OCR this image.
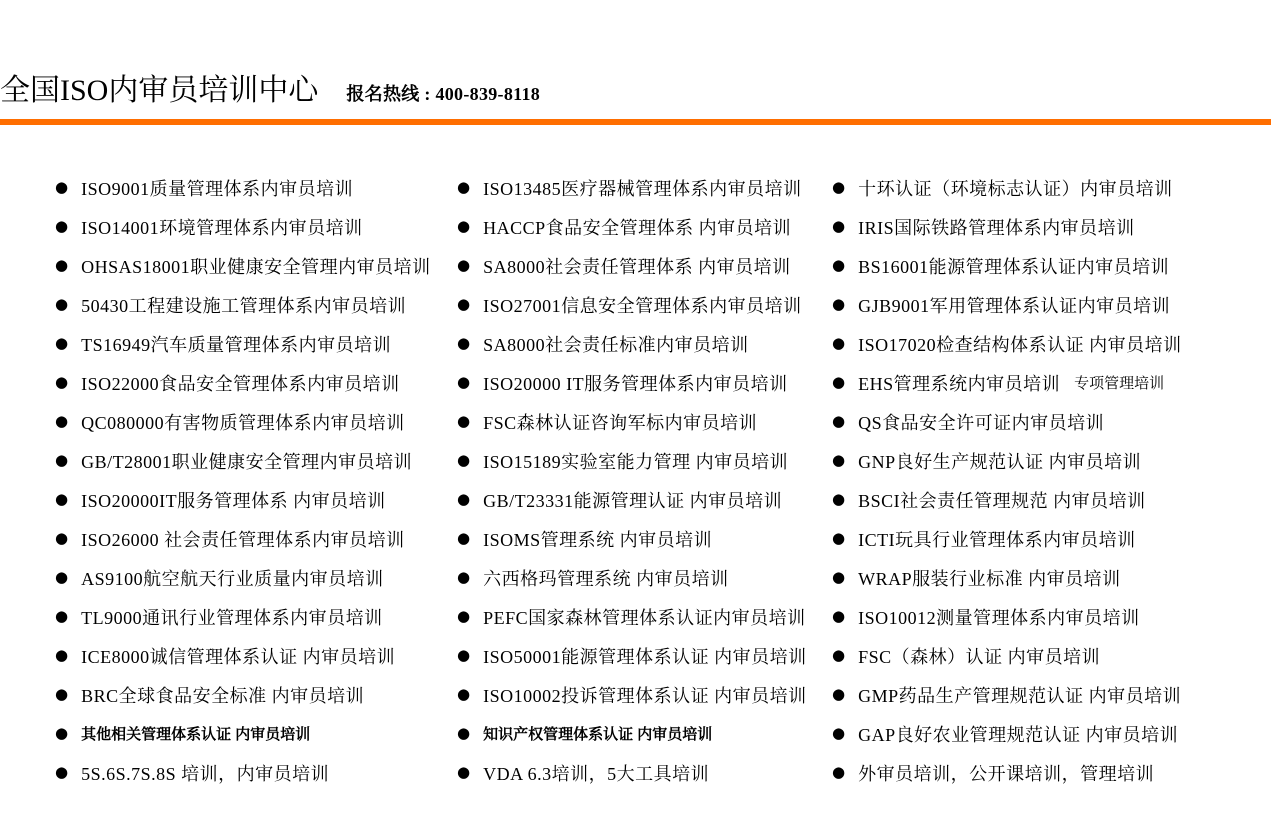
全国ISO内审员培训中心 报名热线 : 400-839-8118
● ISO9001质量管理体系内审员培训
● ISO14001环境管理体系内审员培训
● OHSAS18001职业健康安全管理内审员培训
● 50430工程建设施工管理体系内审员培训
● TS16949汽车质量管理体系内审员培训
● ISO22000食品安全管理体系内审员培训
● QC080000有害物质管理体系内审员培训
● GB/T28001职业健康安全管理内审员培训
● ISO20000IT服务管理体系 内审员培训
● ISO26000 社会责任管理体系内审员培训
● AS9100航空航天行业质量内审员培训
● TL9000通讯行业管理体系内审员培训
● ICE8000诚信管理体系认证 内审员培训
● BRC全球食品安全标准 内审员培训
● 其他相关管理体系认证 内审员培训
● 5S.6S.7S.8S 培训，内审员培训
● ISO13485医疗器械管理体系内审员培训
● HACCP食品安全管理体系 内审员培训
● SA8000社会责任管理体系 内审员培训
● ISO27001信息安全管理体系内审员培训
● SA8000社会责任标准内审员培训
● ISO20000 IT服务管理体系内审员培训
● FSC森林认证咨询军标内审员培训
● ISO15189实验室能力管理 内审员培训
● GB/T23331能源管理认证 内审员培训
● ISOMS管理系统 内审员培训
● 六西格玛管理系统 内审员培训
● PEFC国家森林管理体系认证内审员培训
● ISO50001能源管理体系认证 内审员培训
● ISO10002投诉管理体系认证 内审员培训
● 知识产权管理体系认证 内审员培训
● VDA 6.3培训，5大工具培训
● 十环认证（环境标志认证）内审员培训
● IRIS国际铁路管理体系内审员培训
● BS16001能源管理体系认证内审员培训
● GJB9001军用管理体系认证内审员培训
● ISO17020检查结构体系认证 内审员培训
● EHS管理系统内审员培训 专项管理培训
● QS食品安全许可证内审员培训
● GNP良好生产规范认证 内审员培训
● BSCI社会责任管理规范 内审员培训
● ICTI玩具行业管理体系内审员培训
● WRAP服装行业标准 内审员培训
● ISO10012测量管理体系内审员培训
● FSC（森林）认证 内审员培训
● GMP药品生产管理规范认证 内审员培训
● GAP良好农业管理规范认证 内审员培训
● 外审员培训，公开课培训，管理培训
